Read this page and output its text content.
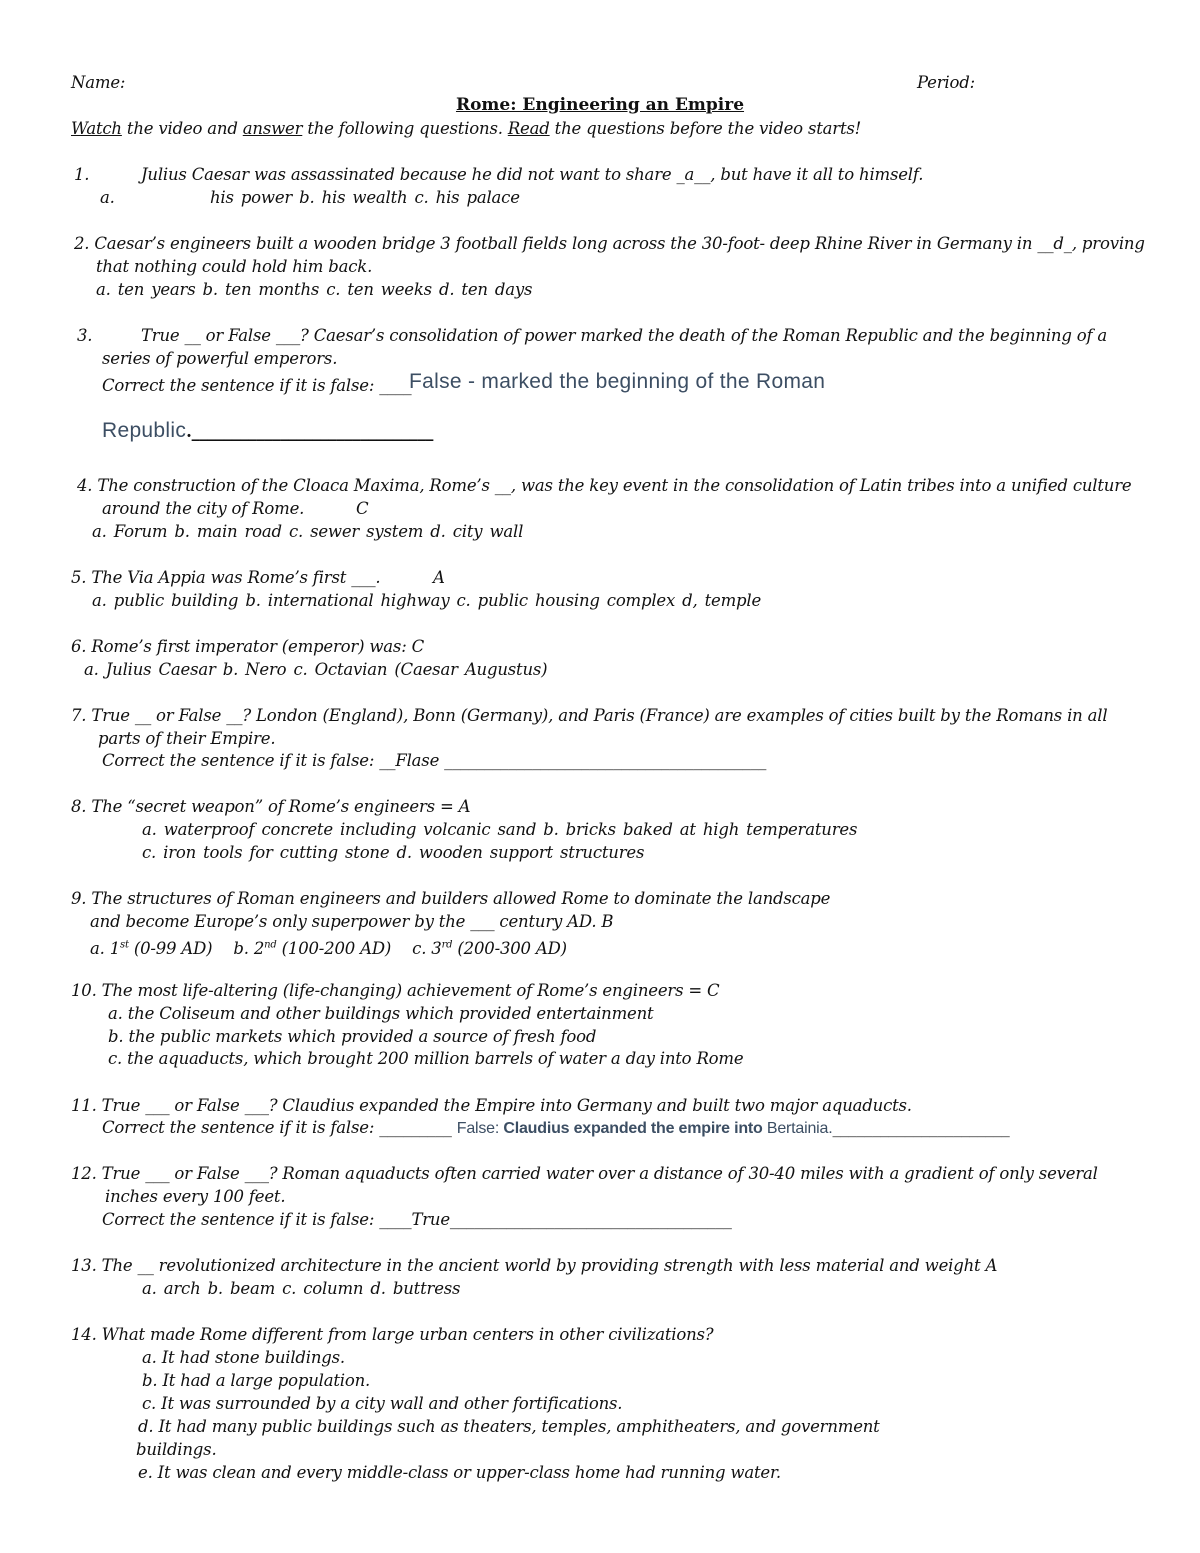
Name:	Period:
Rome: Engineering an Empire
Watch the video and answer the following questions. Read the questions before the video starts!
1.	Julius Caesar was assassinated because he did not want to share _a__, but have it all to himself.
a.	his power b. his wealth c. his palace
2. Caesar’s engineers built a wooden bridge 3 football fields long across the 30-foot- deep Rhine River in Germany in __d_, proving
that nothing could hold him back.
a. ten years b. ten months c. ten weeks d. ten days
3.	True __ or False ___? Caesar’s consolidation of power marked the death of the Roman Republic and the beginning of a
series of powerful emperors.
Correct the sentence if it is false: ____
False - marked the beginning of the Roman
Republic.______________________________
4. The construction of the Cloaca Maxima, Rome’s __, was the key event in the consolidation of Latin tribes into a unified culture
around the city of Rome.	C
a. Forum b. main road c. sewer system d. city wall
5. The Via Appia was Rome’s first ___.	A
a. public building b. international highway c. public housing complex d, temple
6. Rome’s first imperator (emperor) was: C
a. Julius Caesar b. Nero c. Octavian (Caesar Augustus)
7. True __ or False __? London (England), Bonn (Germany), and Paris (France) are examples of cities built by the Romans in all
parts of their Empire.
Correct the sentence if it is false: __Flase ________________________________________
8. The “secret weapon” of Rome’s engineers = A
a. waterproof concrete including volcanic sand b. bricks baked at high temperatures
c. iron tools for cutting stone d. wooden support structures
9. The structures of Roman engineers and builders allowed Rome to dominate the landscape
and become Europe’s only superpower by the ___ century AD. B
a. 1st (0-99 AD) b. 2nd (100-200 AD) c. 3rd (200-300 AD)
10. The most life-altering (life-changing) achievement of Rome’s engineers = C
a. the Coliseum and other buildings which provided entertainment
b. the public markets which provided a source of fresh food
c. the aquaducts, which brought 200 million barrels of water a day into Rome
11. True ___ or False ___? Claudius expanded the Empire into Germany and built two major aquaducts.
Correct the sentence if it is false: _________ False: Claudius expanded the empire into Bertainia.______________________
12. True ___ or False ___? Roman aquaducts often carried water over a distance of 30-40 miles with a gradient of only several
inches every 100 feet.
Correct the sentence if it is false: ____True___________________________________
13. The __ revolutionized architecture in the ancient world by providing strength with less material and weight A
a. arch b. beam c. column d. buttress
14. What made Rome different from large urban centers in other civilizations?
a. It had stone buildings.
b. It had a large population.
c. It was surrounded by a city wall and other fortifications.
d. It had many public buildings such as theaters, temples, amphitheaters, and government
buildings.
e. It was clean and every middle-class or upper-class home had running water.
